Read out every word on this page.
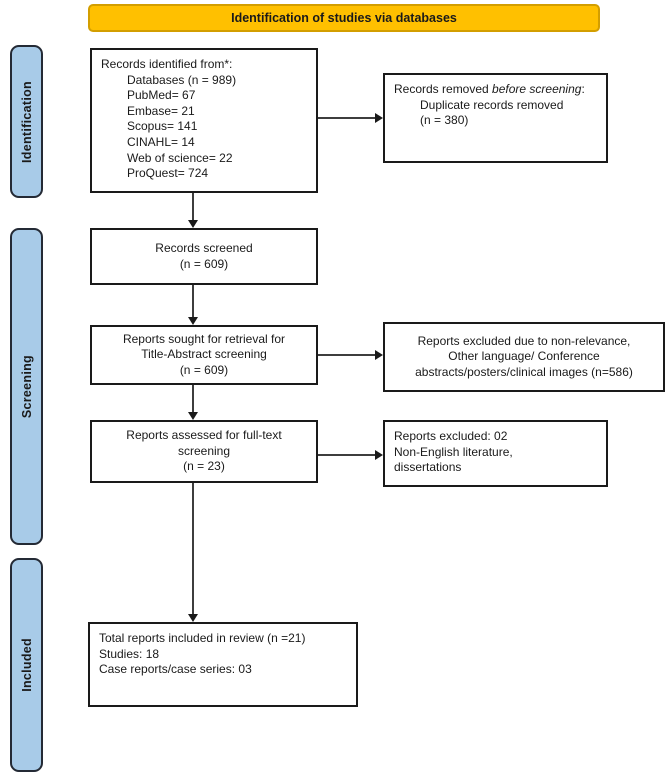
Identification of studies via databases
Identification
Screening
Included
Records identified from*:
Databases (n = 989)
PubMed= 67
Embase= 21
Scopus= 141
CINAHL= 14
Web of science= 22
ProQuest= 724
Records removed before screening:
Duplicate records removed
(n = 380)
Records screened
(n = 609)
Reports sought for retrieval for
Title-Abstract screening
(n = 609)
Reports excluded due to non-relevance,
Other language/ Conference
abstracts/posters/clinical images (n=586)
Reports assessed for full-text
screening
(n = 23)
Reports excluded: 02
Non-English literature,
dissertations
Total reports included in review (n =21)
Studies: 18
Case reports/case series: 03
